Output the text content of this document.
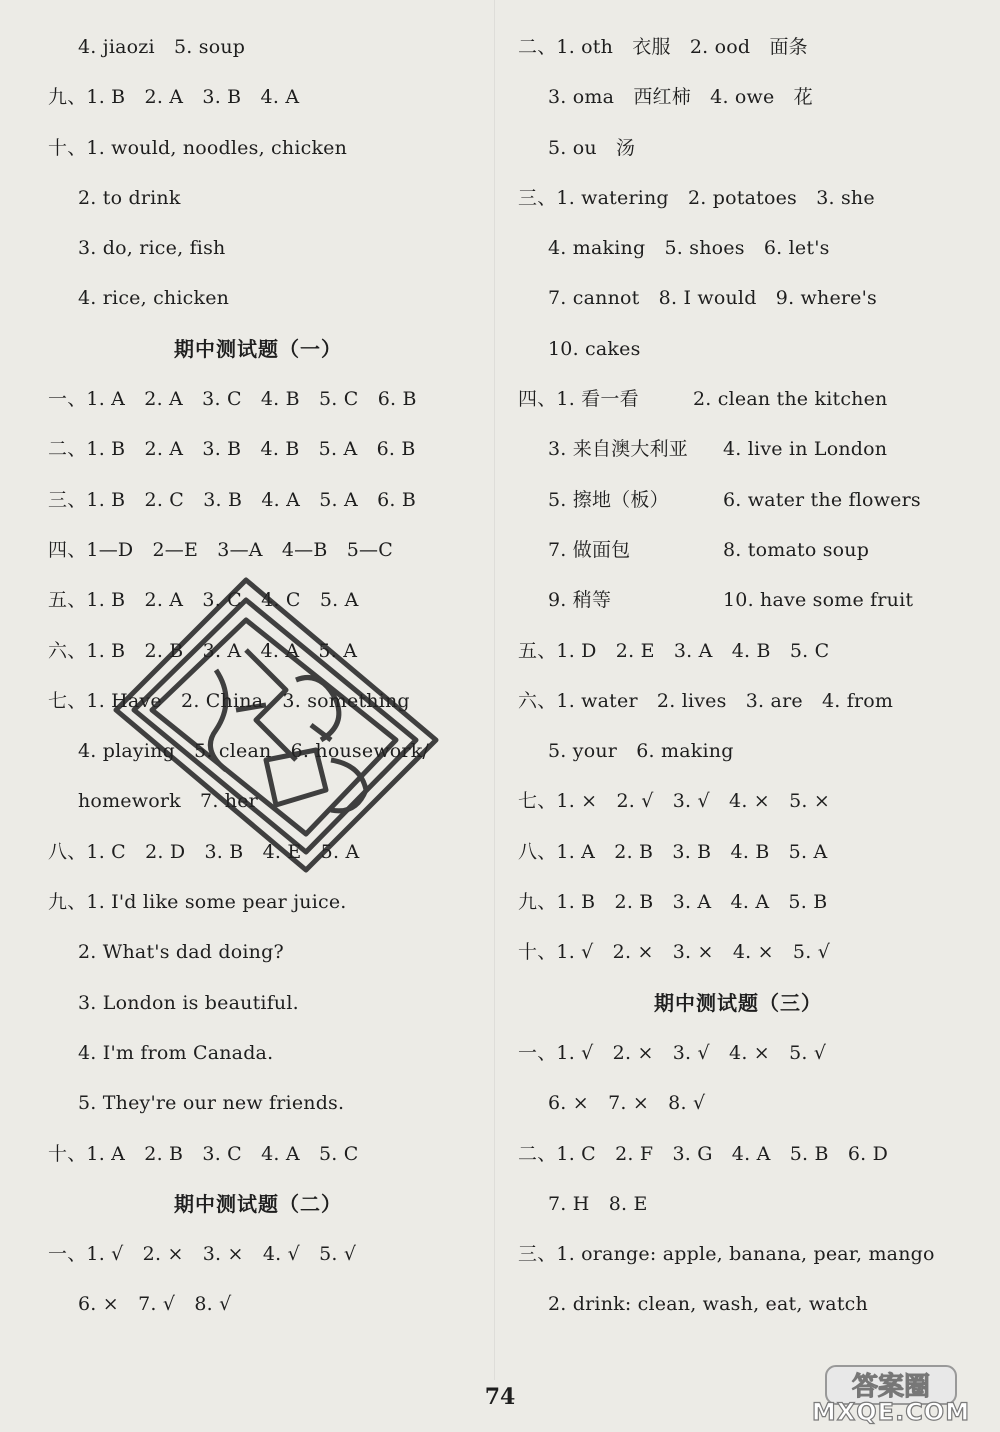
4. jiaozi　5. soup
九、1. B　2. A　3. B　4. A
十、1. would, noodles, chicken
2. to drink
3. do, rice, fish
4. rice, chicken
期中测试题（一）
一、1. A　2. A　3. C　4. B　5. C　6. B
二、1. B　2. A　3. B　4. B　5. A　6. B
三、1. B　2. C　3. B　4. A　5. A　6. B
四、1—D　2—E　3—A　4—B　5—C
五、1. B　2. A　3. C　4. C　5. A
六、1. B　2. B　3. A　4. A　5. A
七、1. Have　2. China　3. something
4. playing　5. clean　6. housework/
homework　7. her
八、1. C　2. D　3. B　4. E　5. A
九、1. I'd like some pear juice.
2. What's dad doing?
3. London is beautiful.
4. I'm from Canada.
5. They're our new friends.
十、1. A　2. B　3. C　4. A　5. C
期中测试题（二）
一、1. √　2. ×　3. ×　4. √　5. √
6. ×　7. √　8. √
二、1. oth　衣服　2. ood　面条
3. oma　西红柿　4. owe　花
5. ou　汤
三、1. watering　2. potatoes　3. she
4. making　5. shoes　6. let's
7. cannot　8. I would　9. where's
10. cakes
四、1. 看一看	2. clean the kitchen
3. 来自澳大利亚 4. live in London
5. 擦地（板）	6. water the flowers
7. 做面包	8. tomato soup
9. 稍等	10. have some fruit
五、1. D　2. E　3. A　4. B　5. C
六、1. water　2. lives　3. are　4. from
5. your　6. making
七、1. ×　2. √　3. √　4. ×　5. ×
八、1. A　2. B　3. B　4. B　5. A
九、1. B　2. B　3. A　4. A　5. B
十、1. √　2. ×　3. ×　4. ×　5. √
期中测试题（三）
一、1. √　2. ×　3. √　4. ×　5. √
6. ×　7. ×　8. √
二、1. C　2. F　3. G　4. A　5. B　6. D
7. H　8. E
三、1. orange: apple, banana, pear, mango
2. drink: clean, wash, eat, watch
74	答案圈
MXQE.COM
